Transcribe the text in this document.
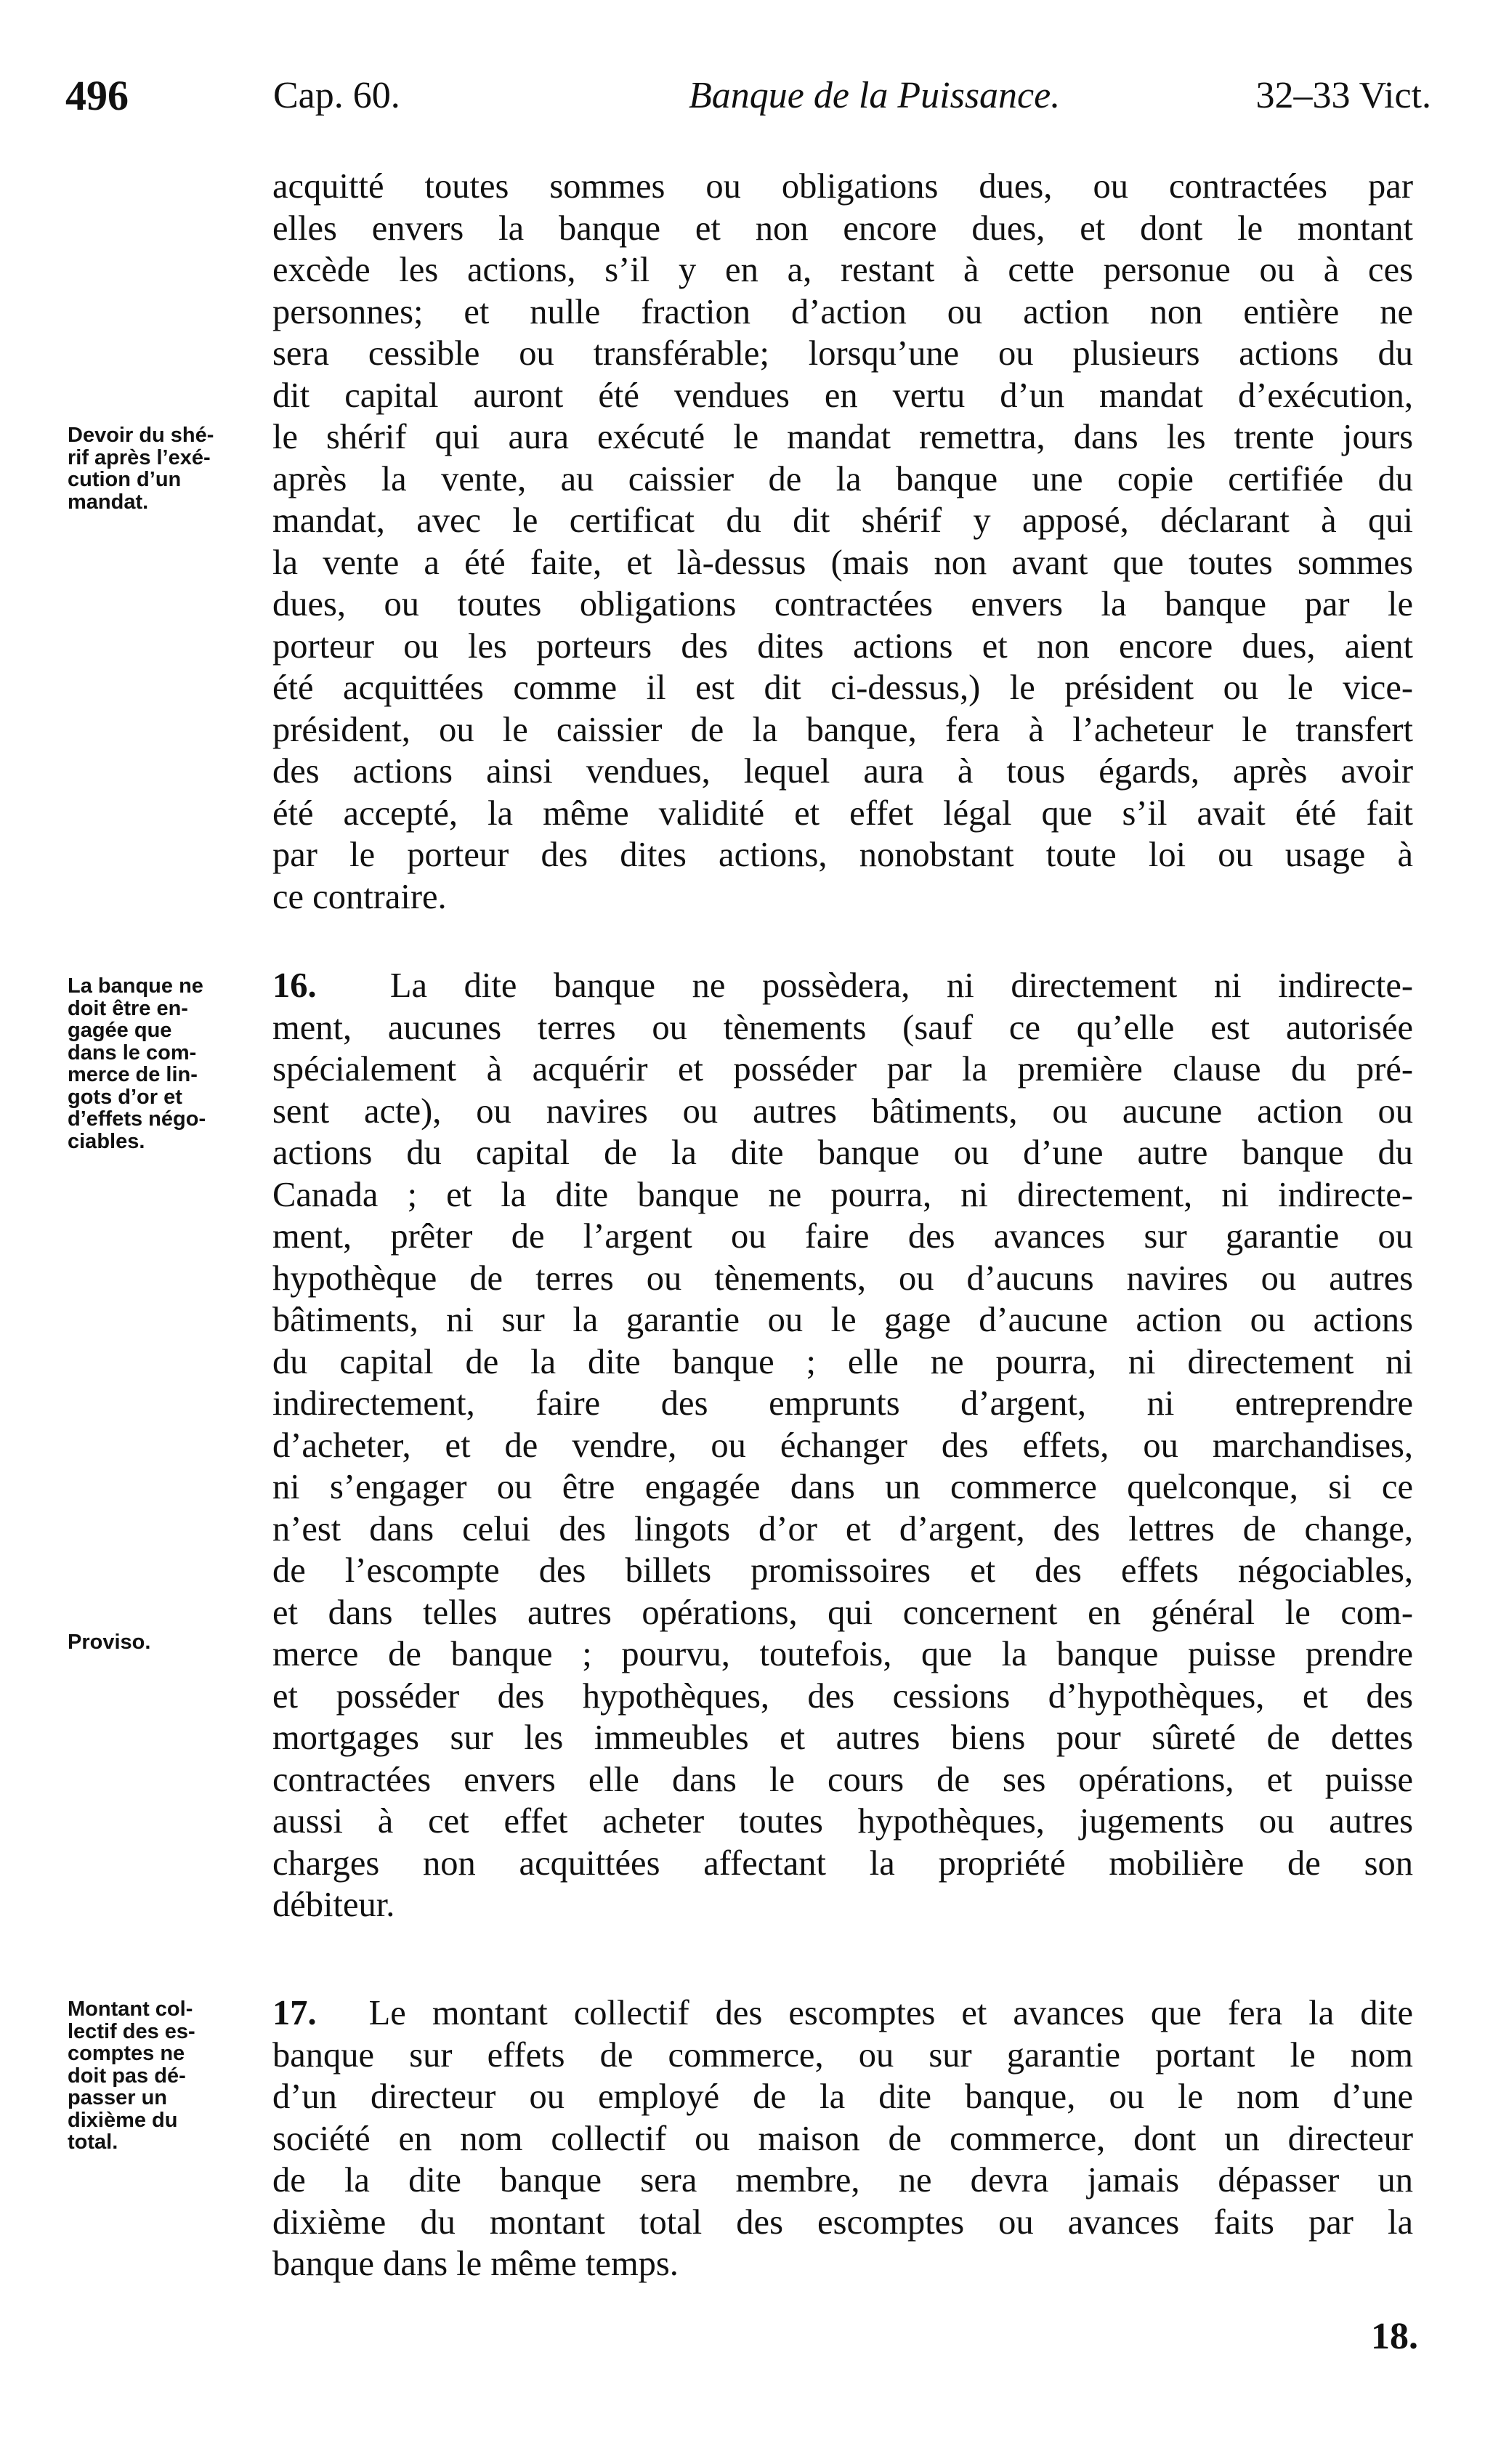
496	Cap. 60.	Banque de la Puissance.	32–33 Vict.
Devoir du shé-
rif après l’exé-
cution d’un
mandat.
La banque ne
doit être en-
gagée que
dans le com-
merce de lin-
gots d’or et
d’effets négo-
ciables.
Proviso.
Montant col-
lectif des es-
comptes ne
doit pas dé-
passer un
dixième du
total.
acquitté toutes sommes ou obligations dues, ou contractées par
elles envers la banque et non encore dues, et dont le montant
excède les actions, s’il y en a, restant à cette personue ou à ces
personnes; et nulle fraction d’action ou action non entière ne
sera cessible ou transférable; lorsqu’une ou plusieurs actions du
dit capital auront été vendues en vertu d’un mandat d’exécution,
le shérif qui aura exécuté le mandat remettra, dans les trente jours
après la vente, au caissier de la banque une copie certifiée du
mandat, avec le certificat du dit shérif y apposé, déclarant à qui
la vente a été faite, et là-dessus (mais non avant que toutes sommes
dues, ou toutes obligations contractées envers la banque par le
porteur ou les porteurs des dites actions et non encore dues, aient
été acquittées comme il est dit ci-dessus,) le président ou le vice-
président, ou le caissier de la banque, fera à l’acheteur le transfert
des actions ainsi vendues, lequel aura à tous égards, après avoir
été accepté, la même validité et effet légal que s’il avait été fait
par le porteur des dites actions, nonobstant toute loi ou usage à
ce contraire.
16. La dite banque ne possèdera, ni directement ni indirecte-
ment, aucunes terres ou tènements (sauf ce qu’elle est autorisée
spécialement à acquérir et posséder par la première clause du pré-
sent acte), ou navires ou autres bâtiments, ou aucune action ou
actions du capital de la dite banque ou d’une autre banque du
Canada ; et la dite banque ne pourra, ni directement, ni indirecte-
ment, prêter de l’argent ou faire des avances sur garantie ou
hypothèque de terres ou tènements, ou d’aucuns navires ou autres
bâtiments, ni sur la garantie ou le gage d’aucune action ou actions
du capital de la dite banque ; elle ne pourra, ni directement ni
indirectement, faire des emprunts d’argent, ni entreprendre
d’acheter, et de vendre, ou échanger des effets, ou marchandises,
ni s’engager ou être engagée dans un commerce quelconque, si ce
n’est dans celui des lingots d’or et d’argent, des lettres de change,
de l’escompte des billets promissoires et des effets négociables,
et dans telles autres opérations, qui concernent en général le com-
merce de banque ; pourvu, toutefois, que la banque puisse prendre
et posséder des hypothèques, des cessions d’hypothèques, et des
mortgages sur les immeubles et autres biens pour sûreté de dettes
contractées envers elle dans le cours de ses opérations, et puisse
aussi à cet effet acheter toutes hypothèques, jugements ou autres
charges non acquittées affectant la propriété mobilière de son
débiteur.
17. Le montant collectif des escomptes et avances que fera la dite
banque sur effets de commerce, ou sur garantie portant le nom
d’un directeur ou employé de la dite banque, ou le nom d’une
société en nom collectif ou maison de commerce, dont un directeur
de la dite banque sera membre, ne devra jamais dépasser un
dixième du montant total des escomptes ou avances faits par la
banque dans le même temps.
18.
